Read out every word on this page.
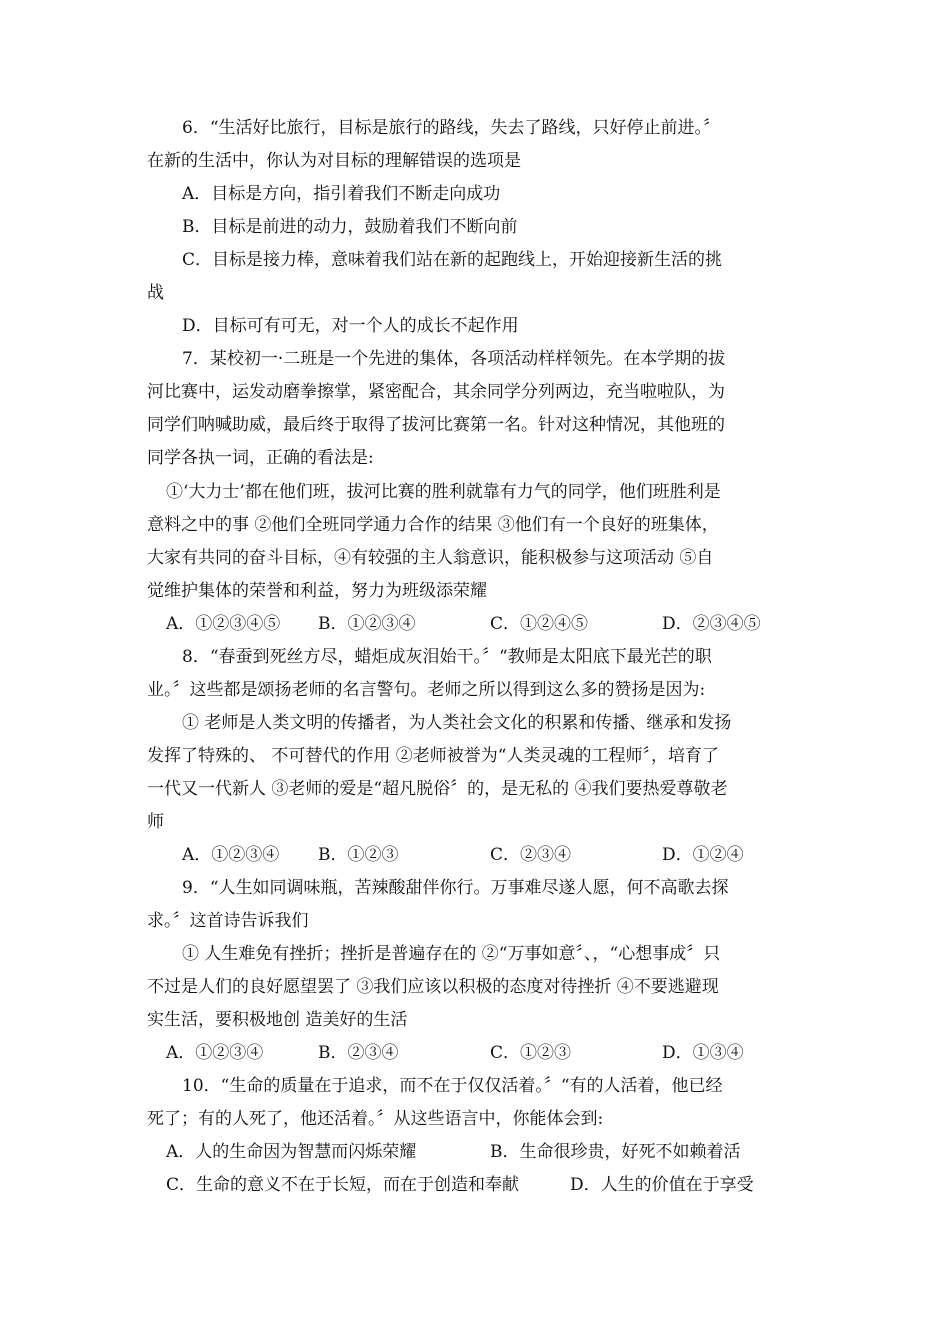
6．“生活好比旅行，目标是旅行的路线，失去了路线，只好停止前进。〞
在新的生活中，你认为对目标的理解错误的选项是
A．目标是方向，指引着我们不断走向成功
B．目标是前进的动力，鼓励着我们不断向前
C．目标是接力棒，意味着我们站在新的起跑线上，开始迎接新生活的挑
战
D．目标可有可无，对一个人的成长不起作用
7．某校初一·二班是一个先进的集体，各项活动样样领先。在本学期的拔
河比赛中，运发动磨拳擦掌，紧密配合，其余同学分列两边，充当啦啦队，为
同学们呐喊助威，最后终于取得了拔河比赛第一名。针对这种情况，其他班的
同学各执一词，正确的看法是:
①‘大力士’都在他们班，拔河比赛的胜利就靠有力气的同学，他们班胜利是
意料之中的事 ②他们全班同学通力合作的结果 ③他们有一个良好的班集体，
大家有共同的奋斗目标，④有较强的主人翁意识，能积极参与这项活动 ⑤自
觉维护集体的荣誉和利益，努力为班级添荣耀
A．①②③④⑤ B．①②③④	C．①②④⑤	D．②③④⑤
8．“春蚕到死丝方尽，蜡炬成灰泪始干。〞“教师是太阳底下最光芒的职
业。〞这些都是颂扬老师的名言警句。老师之所以得到这么多的赞扬是因为:
① 老师是人类文明的传播者，为人类社会文化的积累和传播、继承和发扬
发挥了特殊的、 不可替代的作用 ②老师被誉为“人类灵魂的工程师〞，培育了
一代又一代新人 ③老师的爱是“超凡脱俗〞的，是无私的 ④我们要热爱尊敬老
师
A．①②③④ B．①②③	C．②③④	D．①②④
9．“人生如同调味瓶，苦辣酸甜伴你行。万事难尽遂人愿，何不高歌去探
求。〞这首诗告诉我们
① 人生难免有挫折；挫折是普遍存在的 ②“万事如意〞、，“心想事成〞只
不过是人们的良好愿望罢了 ③我们应该以积极的态度对待挫折 ④不要逃避现
实生活，要积极地创 造美好的生活
A．①②③④	B．②③④	C．①②③	D．①③④
10．“生命的质量在于追求，而不在于仅仅活着。〞“有的人活着，他已经
死了；有的人死了，他还活着。〞从这些语言中，你能体会到:
A．人的生命因为智慧而闪烁荣耀	B．生命很珍贵，好死不如赖着活
C．生命的意义不在于长短，而在于创造和奉献	D．人生的价值在于享受
